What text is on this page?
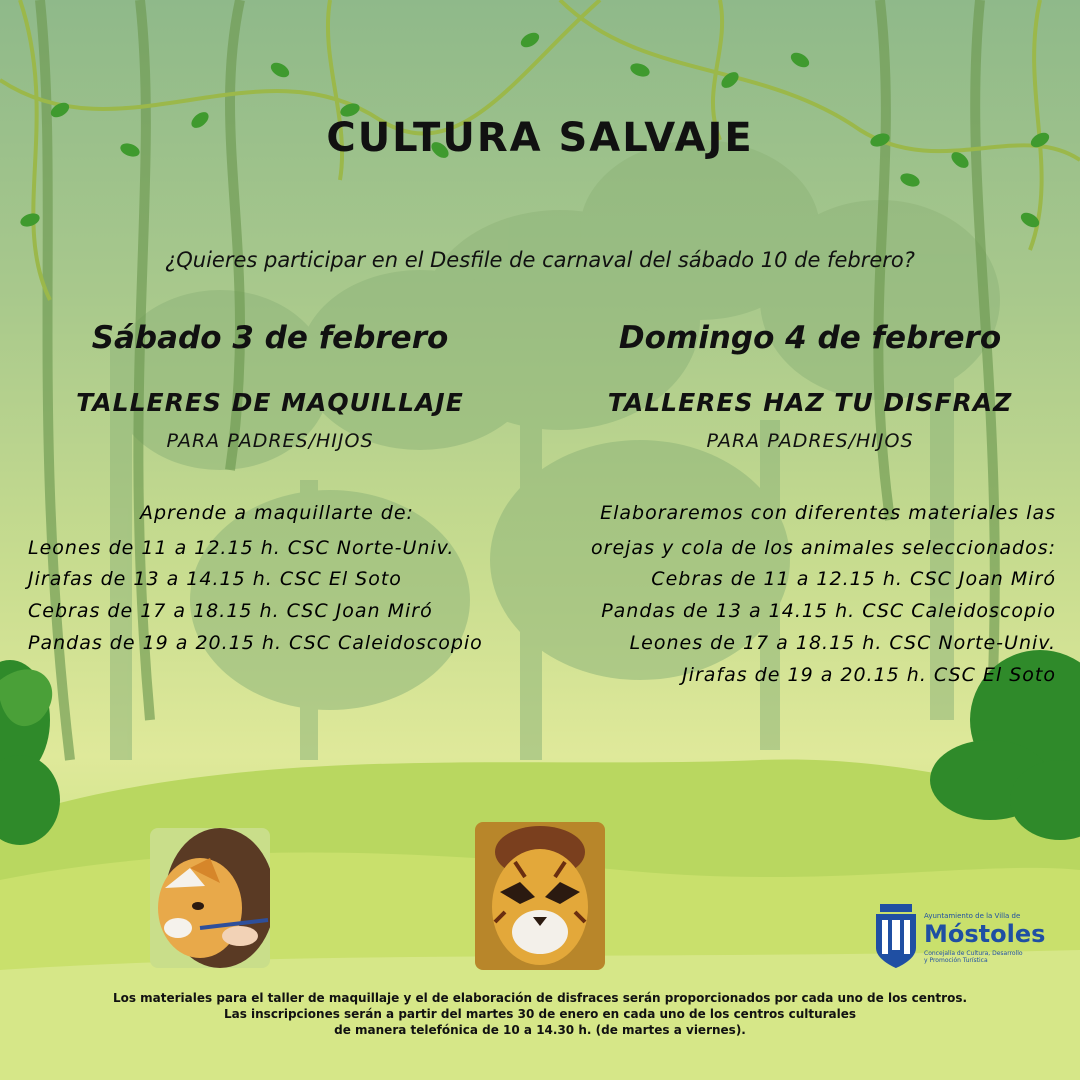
CULTURA SALVAJE
¿Quieres participar en el Desfile de carnaval del sábado 10 de febrero?
Sábado 3 de febrero	Domingo 4 de febrero
TALLERES DE MAQUILLAJE	TALLERES HAZ TU DISFRAZ
PARA PADRES/HIJOS	PARA PADRES/HIJOS
Aprende a maquillarte de:
Leones de 11 a 12.15 h. CSC Norte-Univ.
Jirafas de 13 a 14.15 h. CSC El Soto
Cebras de 17 a 18.15 h. CSC Joan Miró
Pandas de 19 a 20.15 h. CSC Caleidoscopio
Elaboraremos con diferentes materiales las
orejas y cola de los animales seleccionados:
Cebras de 11 a 12.15 h. CSC Joan Miró
Pandas de 13 a 14.15 h. CSC Caleidoscopio
Leones de 17 a 18.15 h. CSC Norte-Univ.
Jirafas de 19 a 20.15 h. CSC El Soto
Ayuntamiento de la Villa de
Móstoles
Concejalía de Cultura, Desarrollo y Promoción Turística
Los materiales para el taller de maquillaje y el de elaboración de disfraces serán proporcionados por cada uno de los centros.
Las inscripciones serán a partir del martes 30 de enero en cada uno de los centros culturales
de manera telefónica de 10 a 14.30 h. (de martes a viernes).
